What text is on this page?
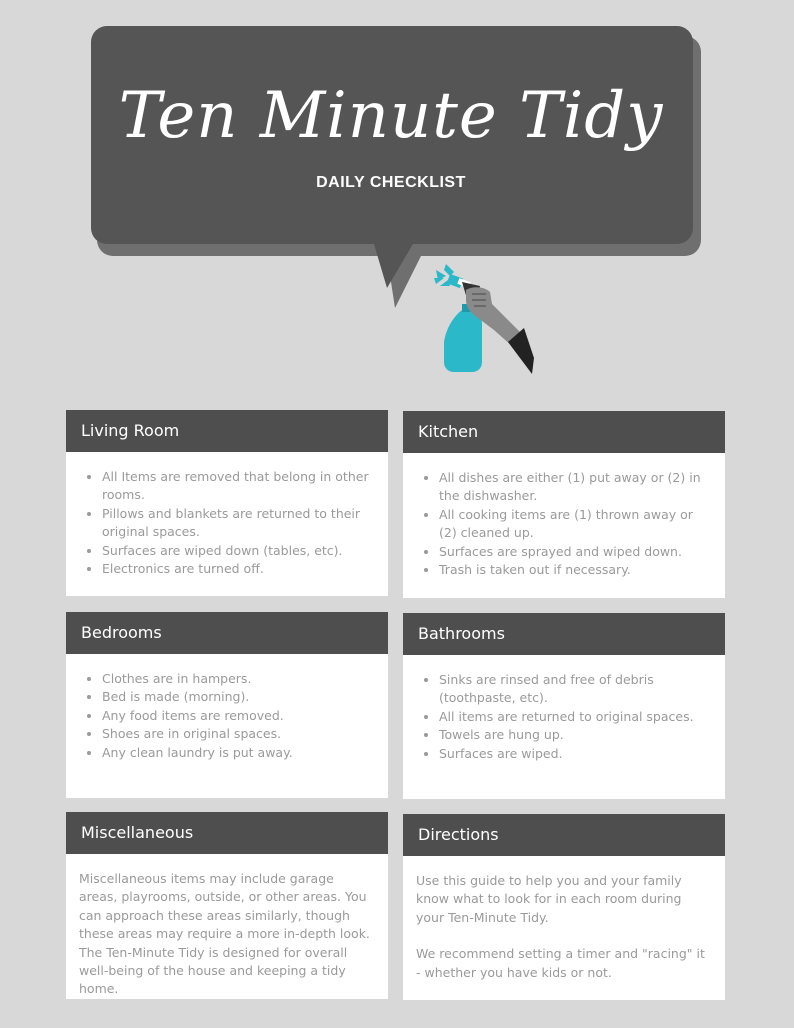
Ten Minute Tidy
DAILY CHECKLIST
Living Room
• All Items are removed that belong in other rooms.
• Pillows and blankets are returned to their original spaces.
• Surfaces are wiped down (tables, etc).
• Electronics are turned off.
Kitchen
• All dishes are either (1) put away or (2) in the dishwasher.
• All cooking items are (1) thrown away or (2) cleaned up.
• Surfaces are sprayed and wiped down.
• Trash is taken out if necessary.
Bedrooms
• Clothes are in hampers.
• Bed is made (morning).
• Any food items are removed.
• Shoes are in original spaces.
• Any clean laundry is put away.
Bathrooms
• Sinks are rinsed and free of debris (toothpaste, etc).
• All items are returned to original spaces.
• Towels are hung up.
• Surfaces are wiped.
Miscellaneous

Miscellaneous items may include garage areas, playrooms, outside, or other areas. You can approach these areas similarly, though these areas may require a more in-depth look. The Ten-Minute Tidy is designed for overall well-being of the house and keeping a tidy home.

Directions

Use this guide to help you and your family know what to look for in each room during your Ten-Minute Tidy.

We recommend setting a timer and "racing" it - whether you have kids or not.
